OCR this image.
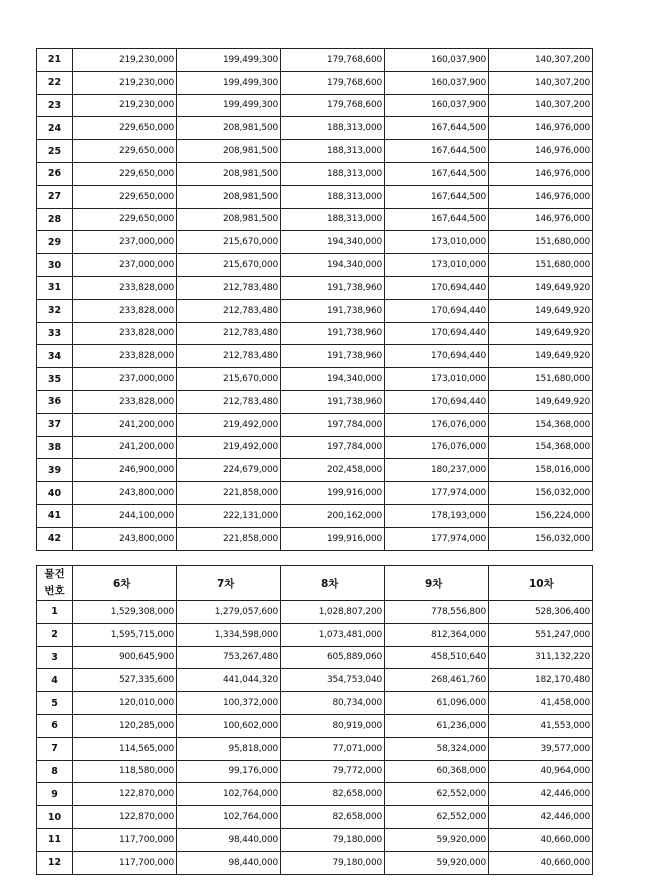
21	219,230,000	199,499,300	179,768,600	160,037,900	140,307,200
22	219,230,000	199,499,300	179,768,600	160,037,900	140,307,200
23	219,230,000	199,499,300	179,768,600	160,037,900	140,307,200
24	229,650,000	208,981,500	188,313,000	167,644,500	146,976,000
25	229,650,000	208,981,500	188,313,000	167,644,500	146,976,000
26	229,650,000	208,981,500	188,313,000	167,644,500	146,976,000
27	229,650,000	208,981,500	188,313,000	167,644,500	146,976,000
28	229,650,000	208,981,500	188,313,000	167,644,500	146,976,000
29	237,000,000	215,670,000	194,340,000	173,010,000	151,680,000
30	237,000,000	215,670,000	194,340,000	173,010,000	151,680,000
31	233,828,000	212,783,480	191,738,960	170,694,440	149,649,920
32	233,828,000	212,783,480	191,738,960	170,694,440	149,649,920
33	233,828,000	212,783,480	191,738,960	170,694,440	149,649,920
34	233,828,000	212,783,480	191,738,960	170,694,440	149,649,920
35	237,000,000	215,670,000	194,340,000	173,010,000	151,680,000
36	233,828,000	212,783,480	191,738,960	170,694,440	149,649,920
37	241,200,000	219,492,000	197,784,000	176,076,000	154,368,000
38	241,200,000	219,492,000	197,784,000	176,076,000	154,368,000
39	246,900,000	224,679,000	202,458,000	180,237,000	158,016,000
40	243,800,000	221,858,000	199,916,000	177,974,000	156,032,000
41	244,100,000	222,131,000	200,162,000	178,193,000	156,224,000
42	243,800,000	221,858,000	199,916,000	177,974,000	156,032,000
물건
번호	6차	7차	8차	9차	10차
1	1,529,308,000	1,279,057,600	1,028,807,200	778,556,800	528,306,400
2	1,595,715,000	1,334,598,000	1,073,481,000	812,364,000	551,247,000
3	900,645,900	753,267,480	605,889,060	458,510,640	311,132,220
4	527,335,600	441,044,320	354,753,040	268,461,760	182,170,480
5	120,010,000	100,372,000	80,734,000	61,096,000	41,458,000
6	120,285,000	100,602,000	80,919,000	61,236,000	41,553,000
7	114,565,000	95,818,000	77,071,000	58,324,000	39,577,000
8	118,580,000	99,176,000	79,772,000	60,368,000	40,964,000
9	122,870,000	102,764,000	82,658,000	62,552,000	42,446,000
10	122,870,000	102,764,000	82,658,000	62,552,000	42,446,000
11	117,700,000	98,440,000	79,180,000	59,920,000	40,660,000
12	117,700,000	98,440,000	79,180,000	59,920,000	40,660,000
